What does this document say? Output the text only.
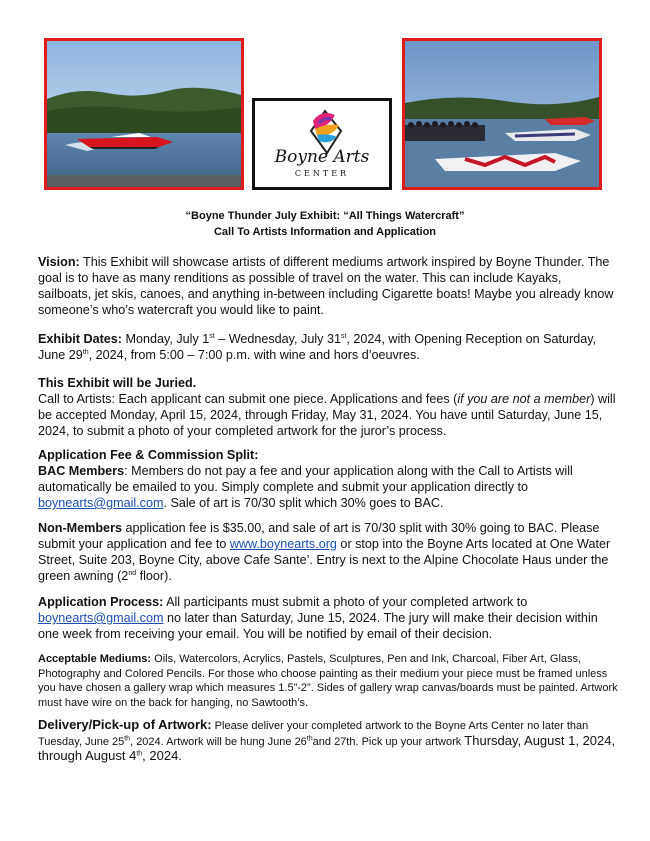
Boyne Arts
CENTER
“Boyne Thunder July Exhibit: “All Things Watercraft”
Call To Artists Information and Application

Vision: This Exhibit will showcase artists of different mediums artwork inspired by Boyne Thunder. The goal is to have as many renditions as possible of travel on the water. This can include Kayaks, sailboats, jet skis, canoes, and anything in-between including Cigarette boats! Maybe you already know someone’s who’s watercraft you would like to paint.

Exhibit Dates: Monday, July 1st – Wednesday, July 31st, 2024, with Opening Reception on Saturday, June 29th, 2024, from 5:00 – 7:00 p.m. with wine and hors d’oeuvres.

This Exhibit will be Juried.
Call to Artists: Each applicant can submit one piece. Applications and fees (if you are not a member) will be accepted Monday, April 15, 2024, through Friday, May 31, 2024. You have until Saturday, June 15, 2024, to submit a photo of your completed artwork for the juror’s process.

Application Fee & Commission Split:
BAC Members: Members do not pay a fee and your application along with the Call to Artists will automatically be emailed to you. Simply complete and submit your application directly to boynearts@gmail.com. Sale of art is 70/30 split which 30% goes to BAC.

Non-Members application fee is $35.00, and sale of art is 70/30 split with 30% going to BAC. Please submit your application and fee to www.boynearts.org or stop into the Boyne Arts located at One Water Street, Suite 203, Boyne City, above Cafe Sante’. Entry is next to the Alpine Chocolate Haus under the green awning (2nd floor).

Application Process: All participants must submit a photo of your completed artwork to boynearts@gmail.com no later than Saturday, June 15, 2024. The jury will make their decision within one week from receiving your email. You will be notified by email of their decision.

Acceptable Mediums: Oils, Watercolors, Acrylics, Pastels, Sculptures, Pen and Ink, Charcoal, Fiber Art, Glass, Photography and Colored Pencils. For those who choose painting as their medium your piece must be framed unless you have chosen a gallery wrap which measures 1.5”-2”. Sides of gallery wrap canvas/boards must be painted. Artwork must have wire on the back for hanging, no Sawtooth’s.

Delivery/Pick-up of Artwork: Please deliver your completed artwork to the Boyne Arts Center no later than Tuesday, June 25th, 2024. Artwork will be hung June 26thand 27th. Pick up your artwork Thursday, August 1, 2024, through August 4th, 2024.
